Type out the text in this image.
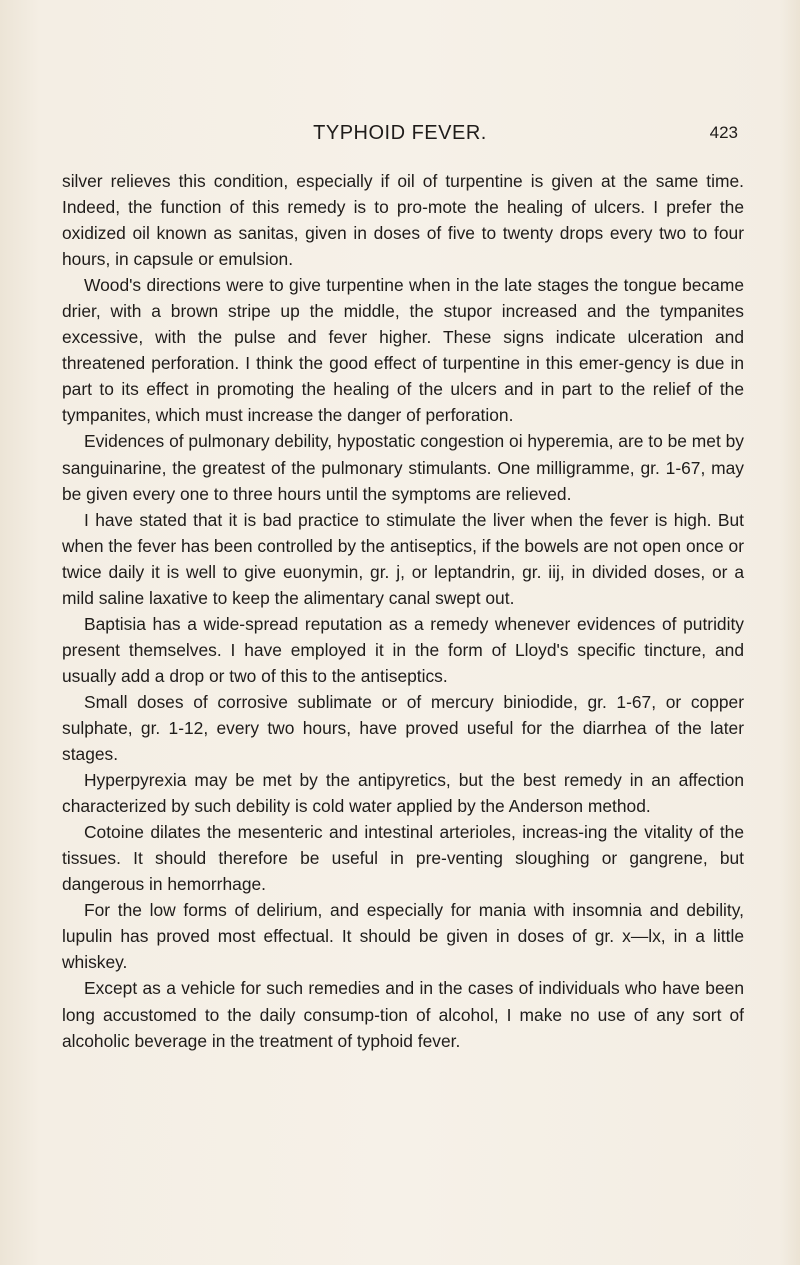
TYPHOID FEVER.	423

silver relieves this condition, especially if oil of turpentine is given at the same time. Indeed, the function of this remedy is to pro-mote the healing of ulcers. I prefer the oxidized oil known as sanitas, given in doses of five to twenty drops every two to four hours, in capsule or emulsion.

Wood's directions were to give turpentine when in the late stages the tongue became drier, with a brown stripe up the middle, the stupor increased and the tympanites excessive, with the pulse and fever higher. These signs indicate ulceration and threatened perforation. I think the good effect of turpentine in this emer-gency is due in part to its effect in promoting the healing of the ulcers and in part to the relief of the tympanites, which must increase the danger of perforation.

Evidences of pulmonary debility, hypostatic congestion oi hyperemia, are to be met by sanguinarine, the greatest of the pulmonary stimulants. One milligramme, gr. 1-67, may be given every one to three hours until the symptoms are relieved.

I have stated that it is bad practice to stimulate the liver when the fever is high. But when the fever has been controlled by the antiseptics, if the bowels are not open once or twice daily it is well to give euonymin, gr. j, or leptandrin, gr. iij, in divided doses, or a mild saline laxative to keep the alimentary canal swept out.

Baptisia has a wide-spread reputation as a remedy whenever evidences of putridity present themselves. I have employed it in the form of Lloyd's specific tincture, and usually add a drop or two of this to the antiseptics.

Small doses of corrosive sublimate or of mercury biniodide, gr. 1-67, or copper sulphate, gr. 1-12, every two hours, have proved useful for the diarrhea of the later stages.

Hyperpyrexia may be met by the antipyretics, but the best remedy in an affection characterized by such debility is cold water applied by the Anderson method.

Cotoine dilates the mesenteric and intestinal arterioles, increas-ing the vitality of the tissues. It should therefore be useful in pre-venting sloughing or gangrene, but dangerous in hemorrhage.

For the low forms of delirium, and especially for mania with insomnia and debility, lupulin has proved most effectual. It should be given in doses of gr. x—lx, in a little whiskey.

Except as a vehicle for such remedies and in the cases of individuals who have been long accustomed to the daily consump-tion of alcohol, I make no use of any sort of alcoholic beverage in the treatment of typhoid fever.
